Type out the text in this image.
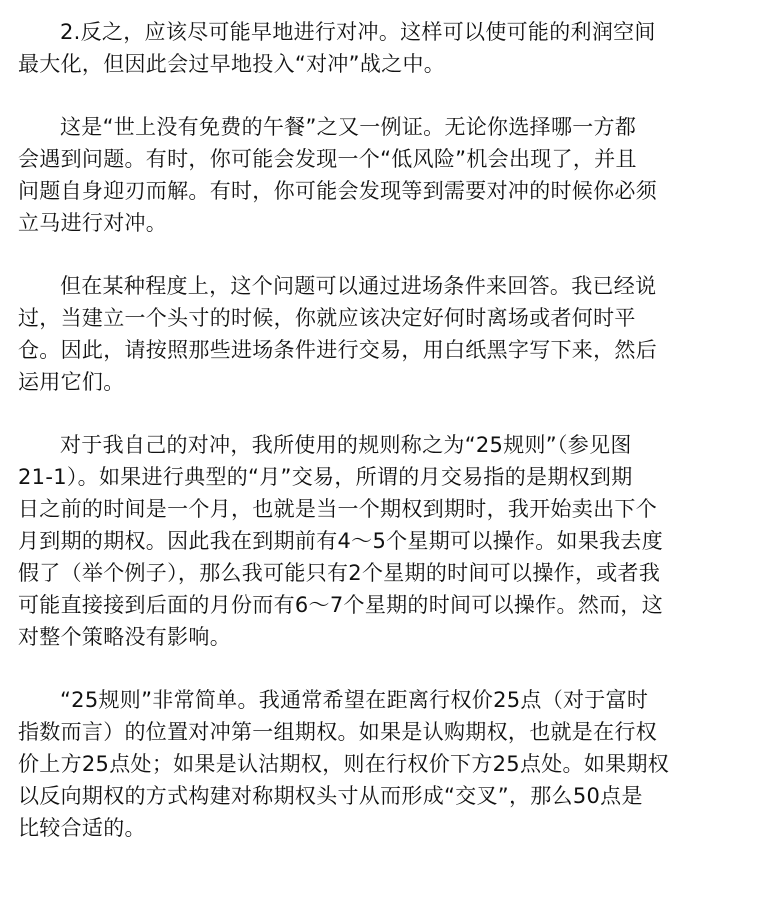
2.反之，应该尽可能早地进行对冲。这样可以使可能的利润空间
最大化，但因此会过早地投入“对冲”战之中。
这是“世上没有免费的午餐”之又一例证。无论你选择哪一方都
会遇到问题。有时，你可能会发现一个“低风险”机会出现了，并且
问题自身迎刃而解。有时，你可能会发现等到需要对冲的时候你必须
立马进行对冲。
但在某种程度上，这个问题可以通过进场条件来回答。我已经说
过，当建立一个头寸的时候，你就应该决定好何时离场或者何时平
仓。因此，请按照那些进场条件进行交易，用白纸黑字写下来，然后
运用它们。
对于我自己的对冲，我所使用的规则称之为“25规则”（参见图
21-1）。如果进行典型的“月”交易，所谓的月交易指的是期权到期
日之前的时间是一个月，也就是当一个期权到期时，我开始卖出下个
月到期的期权。因此我在到期前有4～5个星期可以操作。如果我去度
假了（举个例子），那么我可能只有2个星期的时间可以操作，或者我
可能直接接到后面的月份而有6～7个星期的时间可以操作。然而，这
对整个策略没有影响。
“25规则”非常简单。我通常希望在距离行权价25点（对于富时
指数而言）的位置对冲第一组期权。如果是认购期权，也就是在行权
价上方25点处；如果是认沽期权，则在行权价下方25点处。如果期权
以反向期权的方式构建对称期权头寸从而形成“交叉”，那么50点是
比较合适的。
